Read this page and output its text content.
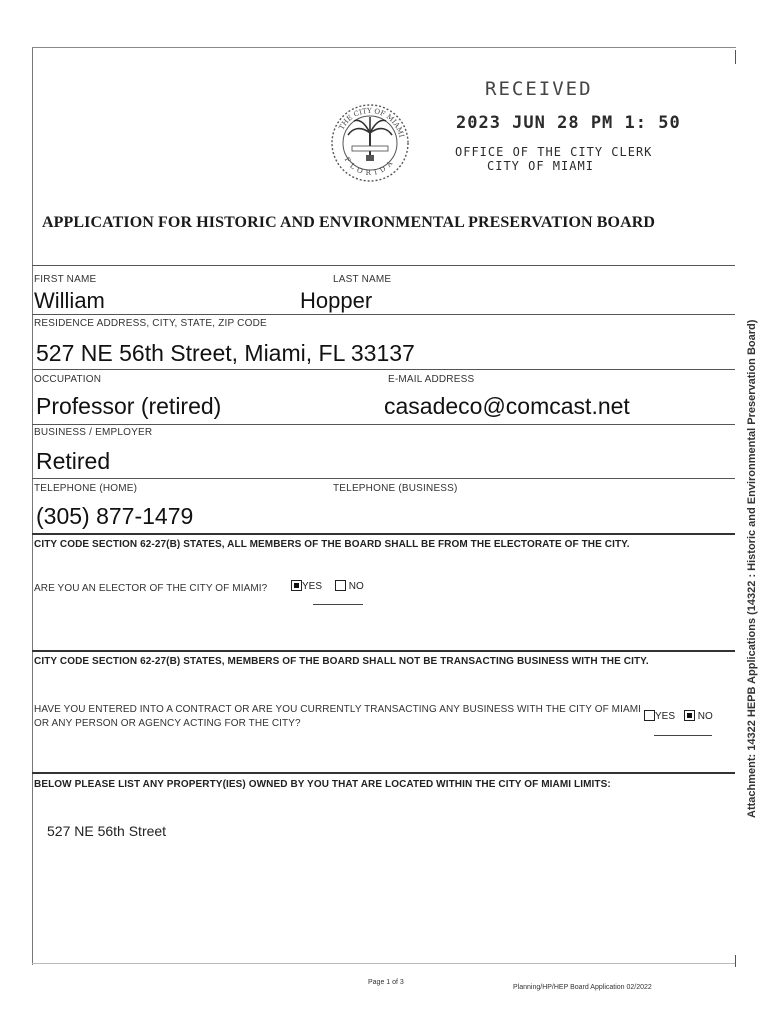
THE CITY OF MIAMI
FLORIDA
RECEIVED
2023 JUN 28 PM 1: 50
OFFICE OF THE CITY CLERK
CITY OF MIAMI
APPLICATION FOR HISTORIC AND ENVIRONMENTAL PRESERVATION BOARD
FIRST NAME	LAST NAME
William	Hopper
RESIDENCE ADDRESS, CITY, STATE, ZIP CODE
527 NE 56th Street, Miami, FL 33137
OCCUPATION	E-MAIL ADDRESS
Professor (retired)	casadeco@comcast.net
BUSINESS / EMPLOYER
Retired
TELEPHONE (HOME)	TELEPHONE (BUSINESS)
(305) 877-1479
CITY CODE SECTION 62-27(B) STATES, ALL MEMBERS OF THE BOARD SHALL BE FROM THE ELECTORATE OF THE CITY.
ARE YOU AN ELECTOR OF THE CITY OF MIAMI?	YES	NO
CITY CODE SECTION 62-27(B) STATES, MEMBERS OF THE BOARD SHALL NOT BE TRANSACTING BUSINESS WITH THE CITY.
HAVE YOU ENTERED INTO A CONTRACT OR ARE YOU CURRENTLY TRANSACTING ANY BUSINESS WITH THE CITY OF MIAMI
OR ANY PERSON OR AGENCY ACTING FOR THE CITY?
YES	NO
BELOW PLEASE LIST ANY PROPERTY(IES) OWNED BY YOU THAT ARE LOCATED WITHIN THE CITY OF MIAMI LIMITS:
527 NE 56th Street
Page 1 of 3
Planning/HP/HEP Board Application 02/2022
Attachment: 14322 HEPB Applications (14322 : Historic and Environmental Preservation Board)
